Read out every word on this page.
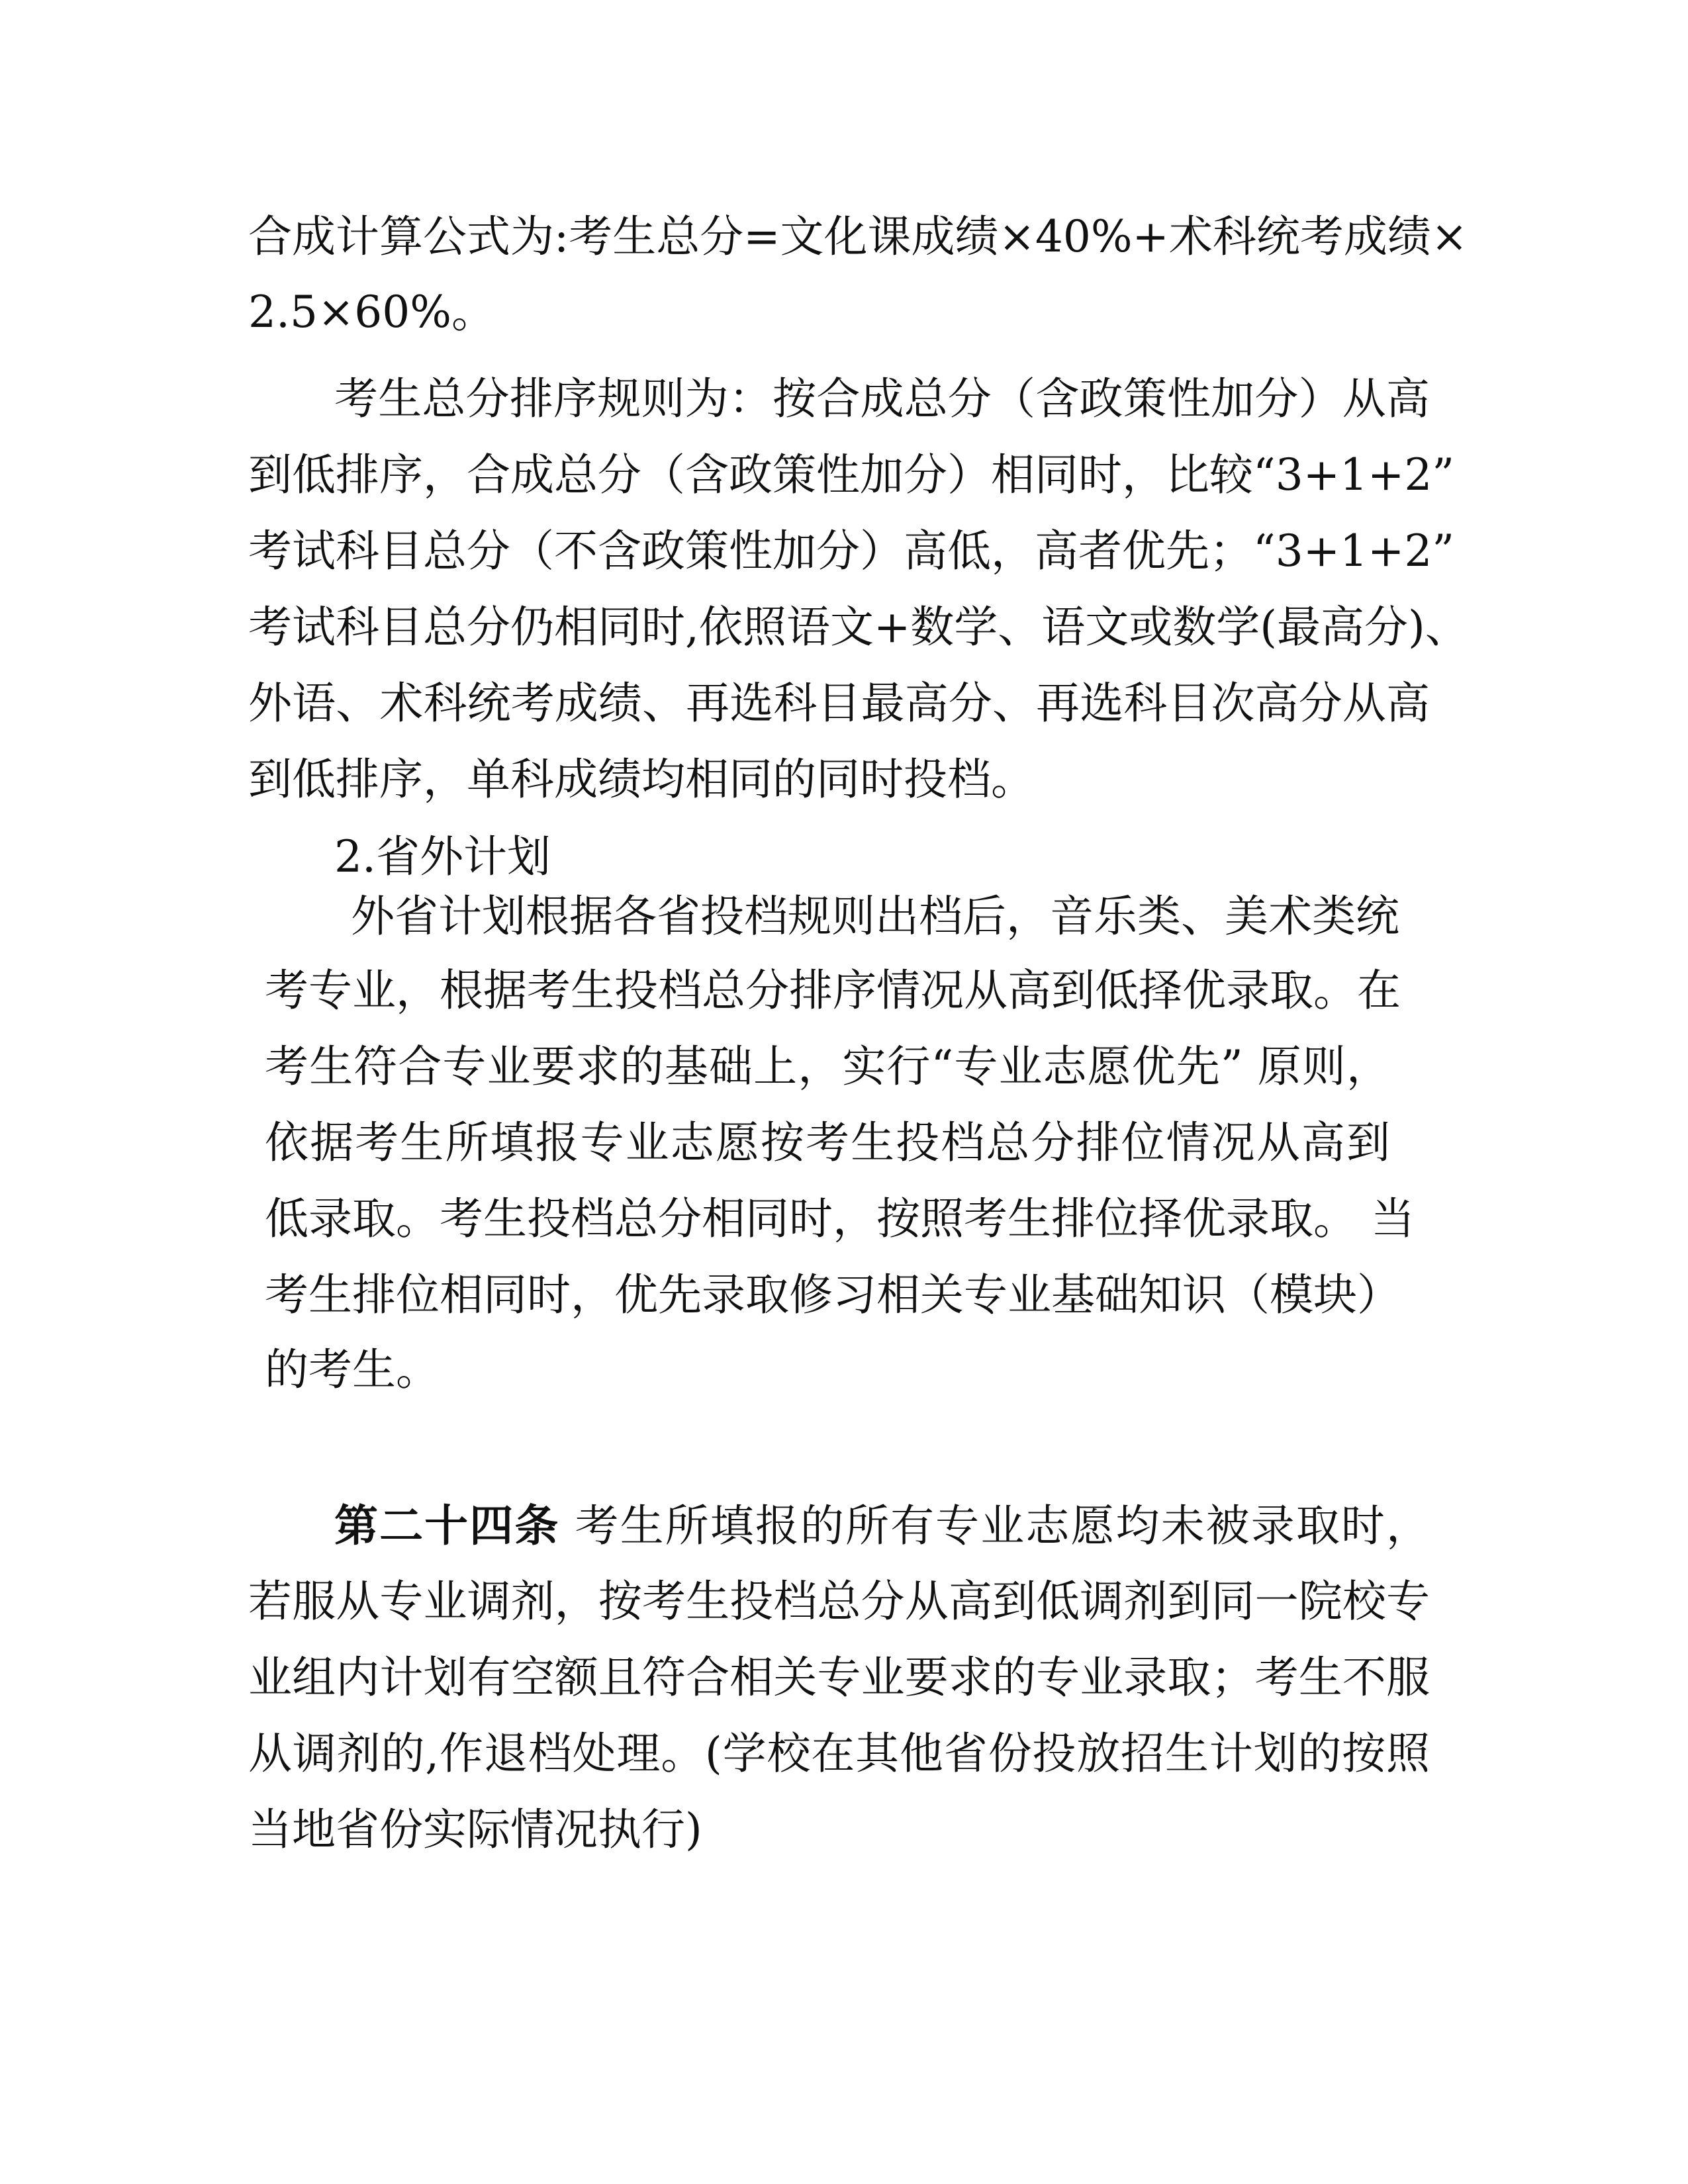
合成计算公式为:考生总分=文化课成绩×40%+术科统考成绩×
2.5×60%。
考生总分排序规则为：按合成总分（含政策性加分）从高
到低排序，合成总分（含政策性加分）相同时，比较“3+1+2”
考试科目总分（不含政策性加分）高低，高者优先；“3+1+2”
考试科目总分仍相同时,依照语文+数学、语文或数学(最高分)、
外语、术科统考成绩、再选科目最高分、再选科目次高分从高
到低排序，单科成绩均相同的同时投档。
2.省外计划
外省计划根据各省投档规则出档后，音乐类、美术类统
考专业，根据考生投档总分排序情况从高到低择优录取。在
考生符合专业要求的基础上，实行“专业志愿优先” 原则，
依据考生所填报专业志愿按考生投档总分排位情况从高到
低录取。考生投档总分相同时，按照考生排位择优录取。 当
考生排位相同时，优先录取修习相关专业基础知识（模块）
的考生。
第二十四条 考生所填报的所有专业志愿均未被录取时，
若服从专业调剂，按考生投档总分从高到低调剂到同一院校专
业组内计划有空额且符合相关专业要求的专业录取；考生不服
从调剂的,作退档处理。(学校在其他省份投放招生计划的按照
当地省份实际情况执行)
